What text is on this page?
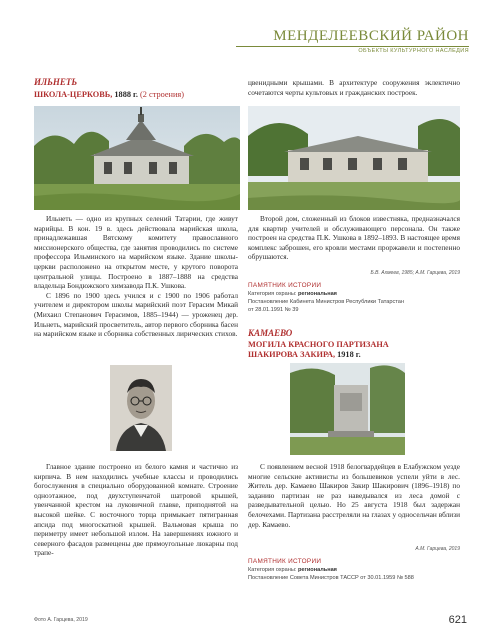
МЕНДЕЛЕЕВСКИЙ РАЙОН
ОБЪЕКТЫ КУЛЬТУРНОГО НАСЛЕДИЯ
ИЛЬНЕТЬ
ШКОЛА-ЦЕРКОВЬ, 1888 г. (2 строения)

цвенидными крышами. В архитектуре сооружения эклектично сочетаются черты культовых и гражданских построек.

Ильнеть — одно из крупных селений Татарии, где живут марийцы. В кон. 19 в. здесь действовала марийская школа, принадлежавшая Вятскому комитету православного миссионерского общества, где занятия проводились по системе профессора Ильминского на марийском языке. Здание школы-церкви расположено на открытом месте, у крутого поворота центральной улицы. Построено в 1887–1888 на средства владельца Бондюжского химзавода П.К. Ушкова.

С 1896 по 1900 здесь учился и с 1900 по 1906 работал учителем и директором школы марийский поэт Герасим Микай (Михаил Степанович Герасимов, 1885–1944) — уроженец дер. Ильнеть, марийский просветитель, автор первого сборника басен на марийском языке и сборника собственных лирических стихов.

Второй дом, сложенный из блоков известняка, предназначался для квартир учителей и обслуживающего персонала. Он также построен на средства П.К. Ушкова в 1892–1893. В настоящее время комплекс заброшен, его кровли местами проржавели и постепенно обрушаются.

Б.В. Ахмеев, 1985; А.М. Гарцева, 2019
ПАМЯТНИК ИСТОРИИ
Категория охраны: региональная
Постановление Кабинета Министров Республики Татарстан
от 28.01.1991 № 39
КАМАЕВО
МОГИЛА КРАСНОГО ПАРТИЗАНА ШАКИРОВА ЗАКИРА, 1918 г.

Главное здание построено из белого камня и частично из кирпича. В нем находились учебные классы и проводились богослужения в специально оборудованной комнате. Строение одноэтажное, под двухступенчатой шатровой крышей, увенчанной крестом на луковичной главке, приподнятой на высокой шейке. С восточного торца примыкает пятигранная апсида под многоскатной крышей. Вальмовая крыша по периметру имеет небольшой излом. На завершениях южного и северного фасадов размещены две прямоугольные люкарны под трапе-

С появлением весной 1918 белогвардейцев в Елабужском уезде многие сельские активисты из большевиков успели уйти в лес. Житель дер. Камаево Шакиров Закир Шакирович (1896–1918) по заданию партизан не раз наведывался из леса домой с разведывательной целью. Но 25 августа 1918 был задержан белочехами. Партизана расстреляли на глазах у односельчан вблизи дер. Камаево.

А.М. Гарцева, 2019
ПАМЯТНИК ИСТОРИИ
Категория охраны: региональная
Постановление Совета Министров ТАССР от 30.01.1959 № 588
Фото А. Гарцева, 2019	621
